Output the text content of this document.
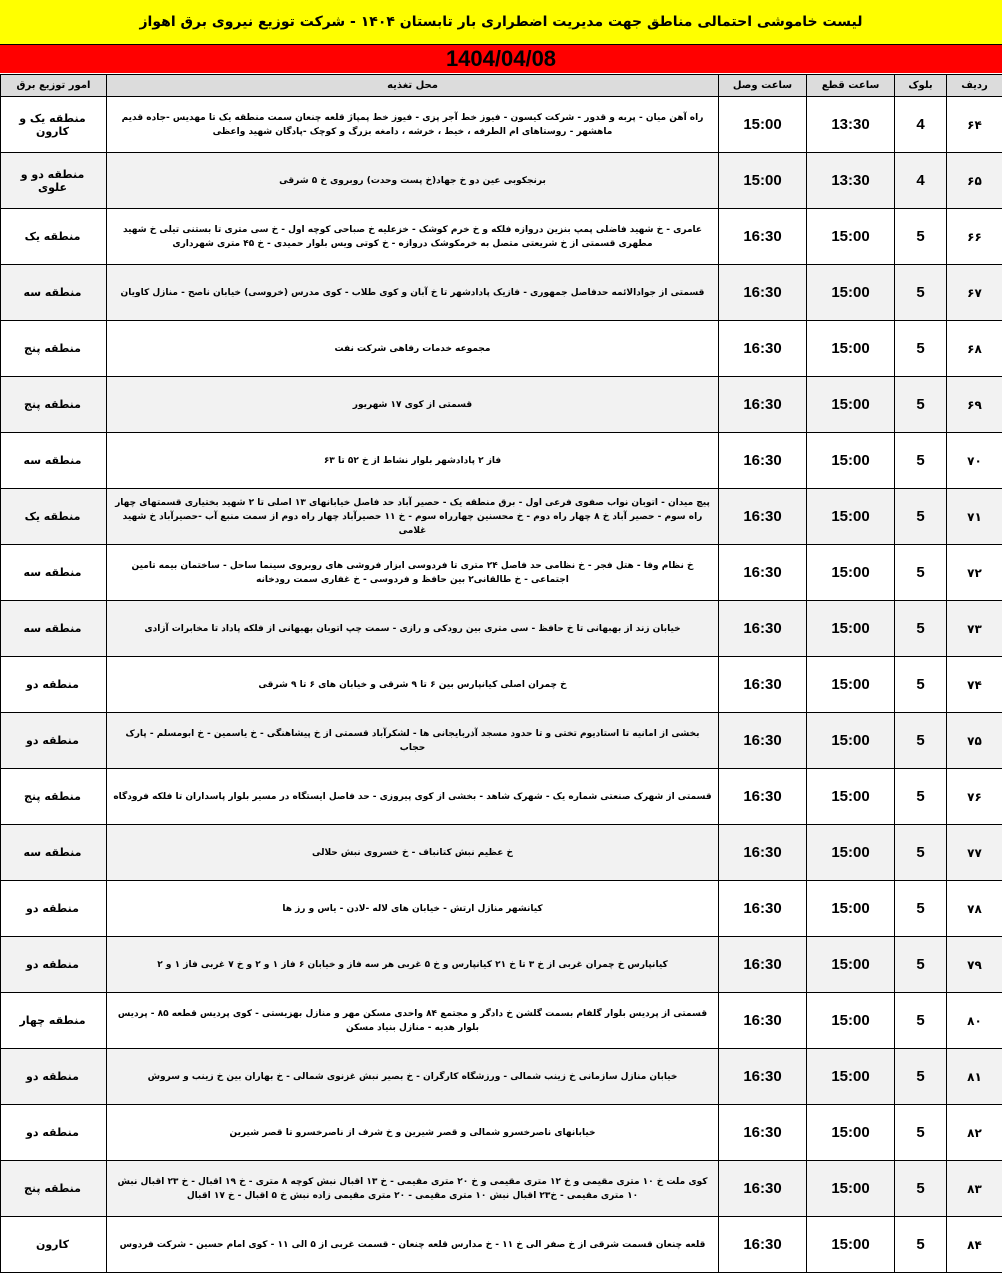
لیست خاموشی احتمالی مناطق جهت مدیریت اضطراری بار تابستان ۱۴۰۴ - شرکت توزیع نیروی برق اهواز
1404/04/08
ردیف	بلوک	ساعت قطع	ساعت وصل	محل تغذیه	امور توزیع برق
۶۴	4	13:30	15:00	راه آهن میان - پربه و قدور - شرکت کیسون - فیوز خط آجر پزی - فیوز خط پمپاژ قلعه چنعان سمت منطقه یک تا مهدیس -جاده قدیم ماهشهر - روستاهای ام الطرفه ، خیط ، خرشه ، دامغه بزرگ و کوچک -پادگان شهید واعظی	منطقه یک و کارون
۶۵	4	13:30	15:00	برنجکوبی عین دو خ جهاد(خ پست وحدت) روبروی خ ۵ شرقی	منطقه دو و علوی
۶۶	5	15:00	16:30	عامری - خ شهید فاضلی پمپ بنزین دروازه فلکه و خ خرم کوشک - خزعلیه خ صباحی کوچه اول - خ سی متری تا بستنی تیلی خ شهید مطهری قسمتی از خ شریعتی متصل به خرمکوشک دروازه - خ کوتی ویس بلوار حمیدی - خ ۴۵ متری شهرداری	منطقه یک
۶۷	5	15:00	16:30	قسمتی از جوادالائمه حدفاصل جمهوری - فازیک پادادشهر تا خ آبان و کوی طلاب - کوی مدرس (خروسی) خیابان ناصح - منازل کاویان	منطقه سه
۶۸	5	15:00	16:30	مجموعه خدمات رفاهی شرکت نفت	منطقه پنج
۶۹	5	15:00	16:30	قسمتی از کوی ۱۷ شهریور	منطقه پنج
۷۰	5	15:00	16:30	فاز ۲ پادادشهر بلوار نشاط از خ ۵۲ تا ۶۳	منطقه سه
۷۱	5	15:00	16:30	پیچ میدان - اتوبان نواب صفوی فرعی اول - برق منطقه یک - حصیر آباد حد فاصل خیابانهای ۱۳ اصلی تا ۲ شهید بختیاری قسمتهای چهار راه سوم - حصیر آباد خ ۸ چهار راه دوم - خ محسنین چهارراه سوم - خ ۱۱ حصیرآباد چهار راه دوم از سمت منبع آب -حصیرآباد خ شهید غلامی	منطقه یک
۷۲	5	15:00	16:30	خ نظام وفا - هتل فجر - خ نظامی حد فاصل ۲۴ متری تا فردوسی ابزار فروشی های روبروی سینما ساحل - ساختمان بیمه تامین اجتماعی - خ طالقانی۲ بین حافظ و فردوسی - خ غفاری سمت رودخانه	منطقه سه
۷۳	5	15:00	16:30	خیابان زند از بهبهانی تا خ حافظ - سی متری بین رودکی و رازی - سمت چپ اتوبان بهبهانی از فلکه پاداد تا مخابرات آزادی	منطقه سه
۷۴	5	15:00	16:30	خ چمران اصلی کیانپارس بین ۶ تا ۹ شرقی و خیابان های ۶ تا ۹ شرقی	منطقه دو
۷۵	5	15:00	16:30	بخشی از امانیه تا استادیوم تختی و تا حدود مسجد آذربایجانی ها - لشکرآباد قسمتی از خ پیشاهنگی - خ یاسمین - خ ابومسلم - پارک حجاب	منطقه دو
۷۶	5	15:00	16:30	قسمتی از شهرک صنعتی شماره یک - شهرک شاهد - بخشی از کوی پیروزی - حد فاصل ایستگاه در مسیر بلوار پاسداران تا فلکه فرودگاه	منطقه پنج
۷۷	5	15:00	16:30	خ عظیم نبش کتانباف - خ خسروی نبش حلالی	منطقه سه
۷۸	5	15:00	16:30	کیانشهر منازل ارتش - خیابان های لاله -لادن - یاس و رز ها	منطقه دو
۷۹	5	15:00	16:30	کیانپارس خ چمران غربی از خ ۳ تا خ ۲۱ کیانپارس و خ ۵ غربی هر سه فاز و خیابان ۶ فاز ۱ و ۲ و خ ۷ غربی فاز ۱ و ۲	منطقه دو
۸۰	5	15:00	16:30	قسمتی از پردیس بلوار گلفام بسمت گلشن خ دادگر و مجتمع ۸۴ واحدی مسکن مهر و منازل بهزیستی - کوی پردیس قطعه ۸۵ - پردیس بلوار هدیه - منازل بنیاد مسکن	منطقه چهار
۸۱	5	15:00	16:30	خیابان منازل سازمانی خ زینب شمالی - ورزشگاه کارگران - خ بصیر نبش غزنوی شمالی - خ بهاران بین خ زینب و سروش	منطقه دو
۸۲	5	15:00	16:30	خیابانهای ناصرخسرو شمالی و قصر شیرین و خ شرف از ناصرخسرو تا قصر شیرین	منطقه دو
۸۳	5	15:00	16:30	کوی ملت خ ۱۰ متری مقیمی و خ ۱۲ متری مقیمی و خ ۲۰ متری مقیمی - خ ۱۳ اقبال نبش کوچه ۸ متری - خ ۱۹ اقبال - خ ۲۳ اقبال نبش ۱۰ متری مقیمی - خ۲۳ اقبال نبش ۱۰ متری مقیمی - ۲۰ متری مقیمی زاده نبش خ ۵ اقبال - خ ۱۷ اقبال	منطقه پنج
۸۴	5	15:00	16:30	قلعه چنعان قسمت شرقی از خ صفر الی خ ۱۱ - خ مدارس قلعه چنعان - قسمت غربی از ۵ الی ۱۱ - کوی امام حسین - شرکت فردوس	کارون
